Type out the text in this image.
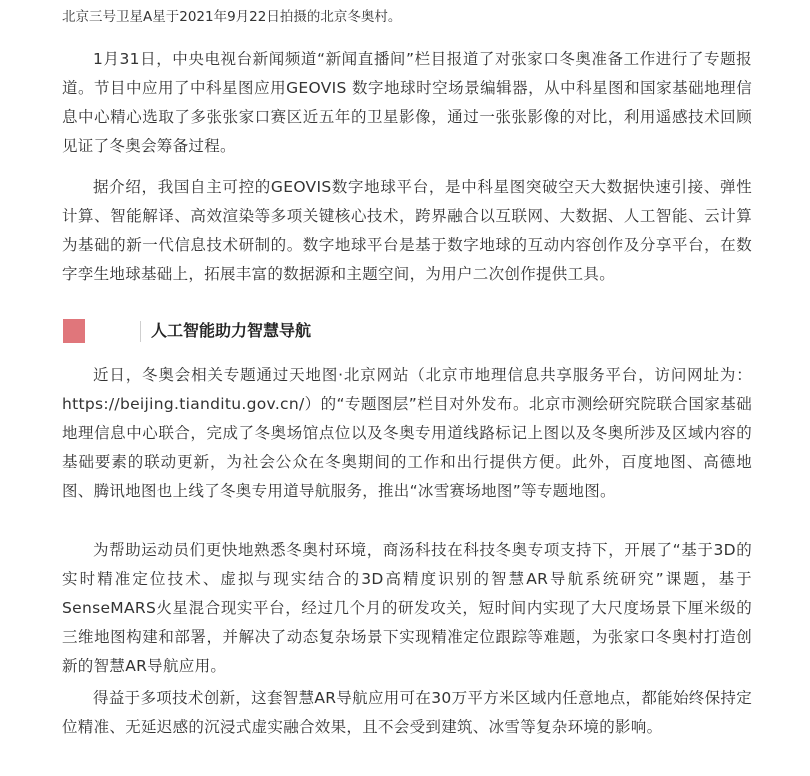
北京三号卫星A星于2021年9月22日拍摄的北京冬奥村。

1月31日，中央电视台新闻频道“新闻直播间”栏目报道了对张家口冬奥准备工作进行了专题报道。节目中应用了中科星图应用GEOVIS 数字地球时空场景编辑器，从中科星图和国家基础地理信息中心精心选取了多张张家口赛区近五年的卫星影像，通过一张张影像的对比，利用遥感技术回顾见证了冬奥会筹备过程。

据介绍，我国自主可控的GEOVIS数字地球平台，是中科星图突破空天大数据快速引接、弹性计算、智能解译、高效渲染等多项关键核心技术，跨界融合以互联网、大数据、人工智能、云计算为基础的新一代信息技术研制的。数字地球平台是基于数字地球的互动内容创作及分享平台，在数字孪生地球基础上，拓展丰富的数据源和主题空间，为用户二次创作提供工具。

人工智能助力智慧导航

近日，冬奥会相关专题通过天地图·北京网站（北京市地理信息共享服务平台，访问网址为：https://beijing.tianditu.gov.cn/）的“专题图层”栏目对外发布。北京市测绘研究院联合国家基础地理信息中心联合，完成了冬奥场馆点位以及冬奥专用道线路标记上图以及冬奥所涉及区域内容的基础要素的联动更新，为社会公众在冬奥期间的工作和出行提供方便。此外，百度地图、高德地图、腾讯地图也上线了冬奥专用道导航服务，推出“冰雪赛场地图”等专题地图。

为帮助运动员们更快地熟悉冬奥村环境，商汤科技在科技冬奥专项支持下，开展了“基于3D的实时精准定位技术、虚拟与现实结合的3D高精度识别的智慧AR导航系统研究”课题，基于SenseMARS火星混合现实平台，经过几个月的研发攻关，短时间内实现了大尺度场景下厘米级的三维地图构建和部署，并解决了动态复杂场景下实现精准定位跟踪等难题，为张家口冬奥村打造创新的智慧AR导航应用。

得益于多项技术创新，这套智慧AR导航应用可在30万平方米区域内任意地点，都能始终保持定位精准、无延迟感的沉浸式虚实融合效果，且不会受到建筑、冰雪等复杂环境的影响。
